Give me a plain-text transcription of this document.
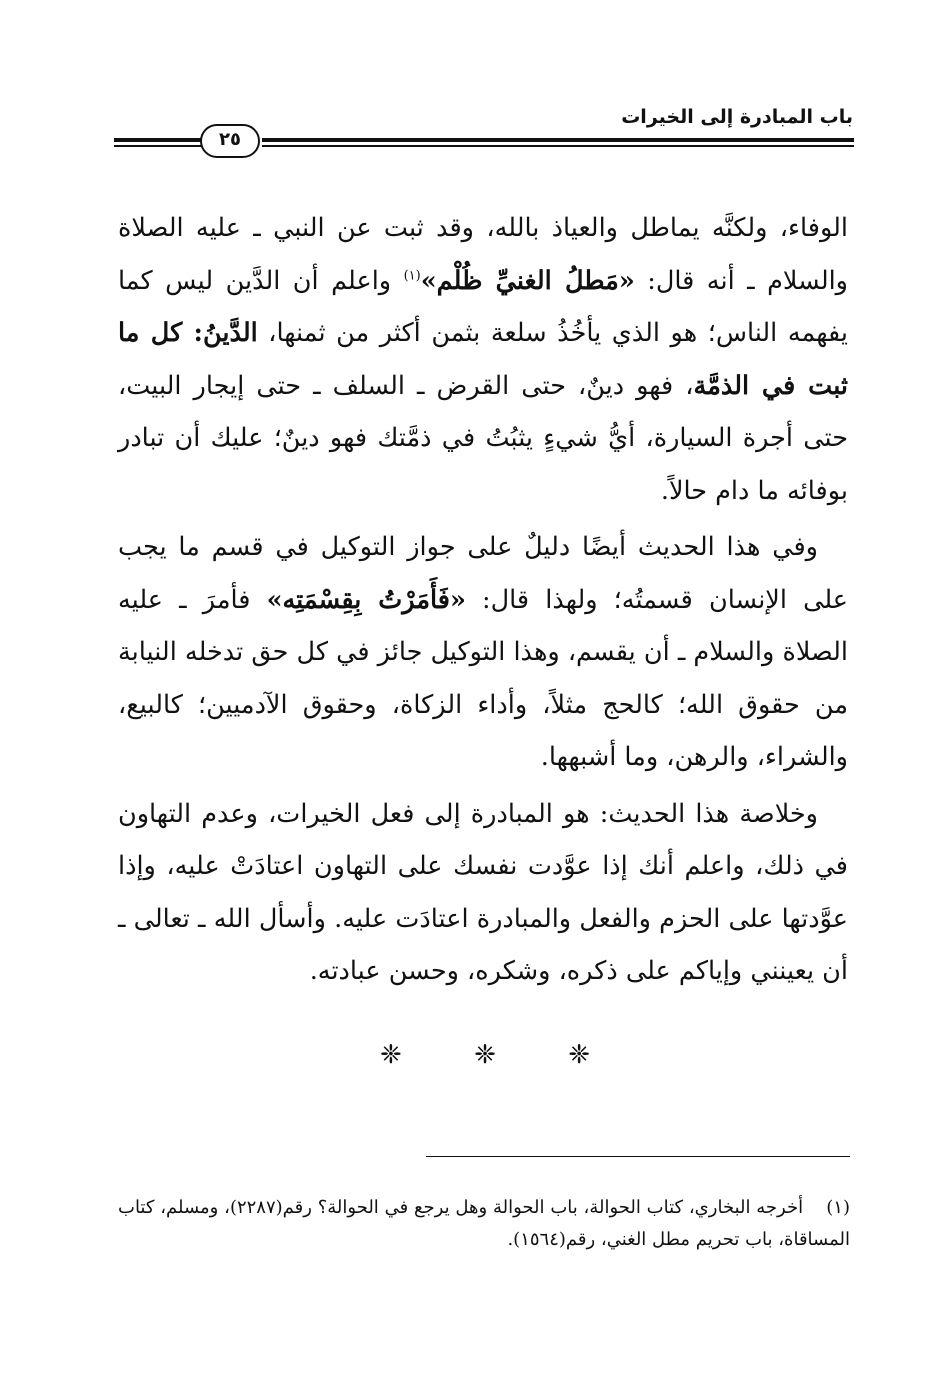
باب المبادرة إلى الخيرات
٢٥

الوفاء، ولكنَّه يماطل والعياذ بالله، وقد ثبت عن النبي ـ عليه الصلاة والسلام ـ أنه قال: «مَطلُ الغنيِّ ظُلْم»$^{(١)}$ واعلم أن الدَّين ليس كما يفهمه الناس؛ هو الذي يأخُذُ سلعة بثمن أكثر من ثمنها، الدَّينُ: كل ما ثبت في الذمَّة، فهو دينٌ، حتى القرض ـ السلف ـ حتى إيجار البيت، حتى أجرة السيارة، أيُّ شيءٍ يثبُتُ في ذمَّتك فهو دينٌ؛ عليك أن تبادر بوفائه ما دام حالاً.

وفي هذا الحديث أيضًا دليلٌ على جواز التوكيل في قسم ما يجب على الإنسان قسمتُه؛ ولهذا قال: «فَأَمَرْتُ بِقِسْمَتِه» فأمرَ ـ عليه الصلاة والسلام ـ أن يقسم، وهذا التوكيل جائز في كل حق تدخله النيابة من حقوق الله؛ كالحج مثلاً، وأداء الزكاة، وحقوق الآدميين؛ كالبيع، والشراء، والرهن، وما أشبهها.

وخلاصة هذا الحديث: هو المبادرة إلى فعل الخيرات، وعدم التهاون في ذلك، واعلم أنك إذا عوَّدت نفسك على التهاون اعتادَتْ عليه، وإذا عوَّدتها على الحزم والفعل والمبادرة اعتادَت عليه. وأسأل الله ـ تعالى ـ أن يعينني وإياكم على ذكره، وشكره، وحسن عبادته.

❈	❈	❈
(١)    أخرجه البخاري، كتاب الحوالة، باب الحوالة وهل يرجع في الحوالة؟ رقم(٢٢٨٧)، ومسلم، كتاب المساقاة، باب تحريم مطل الغني، رقم(١٥٦٤).
